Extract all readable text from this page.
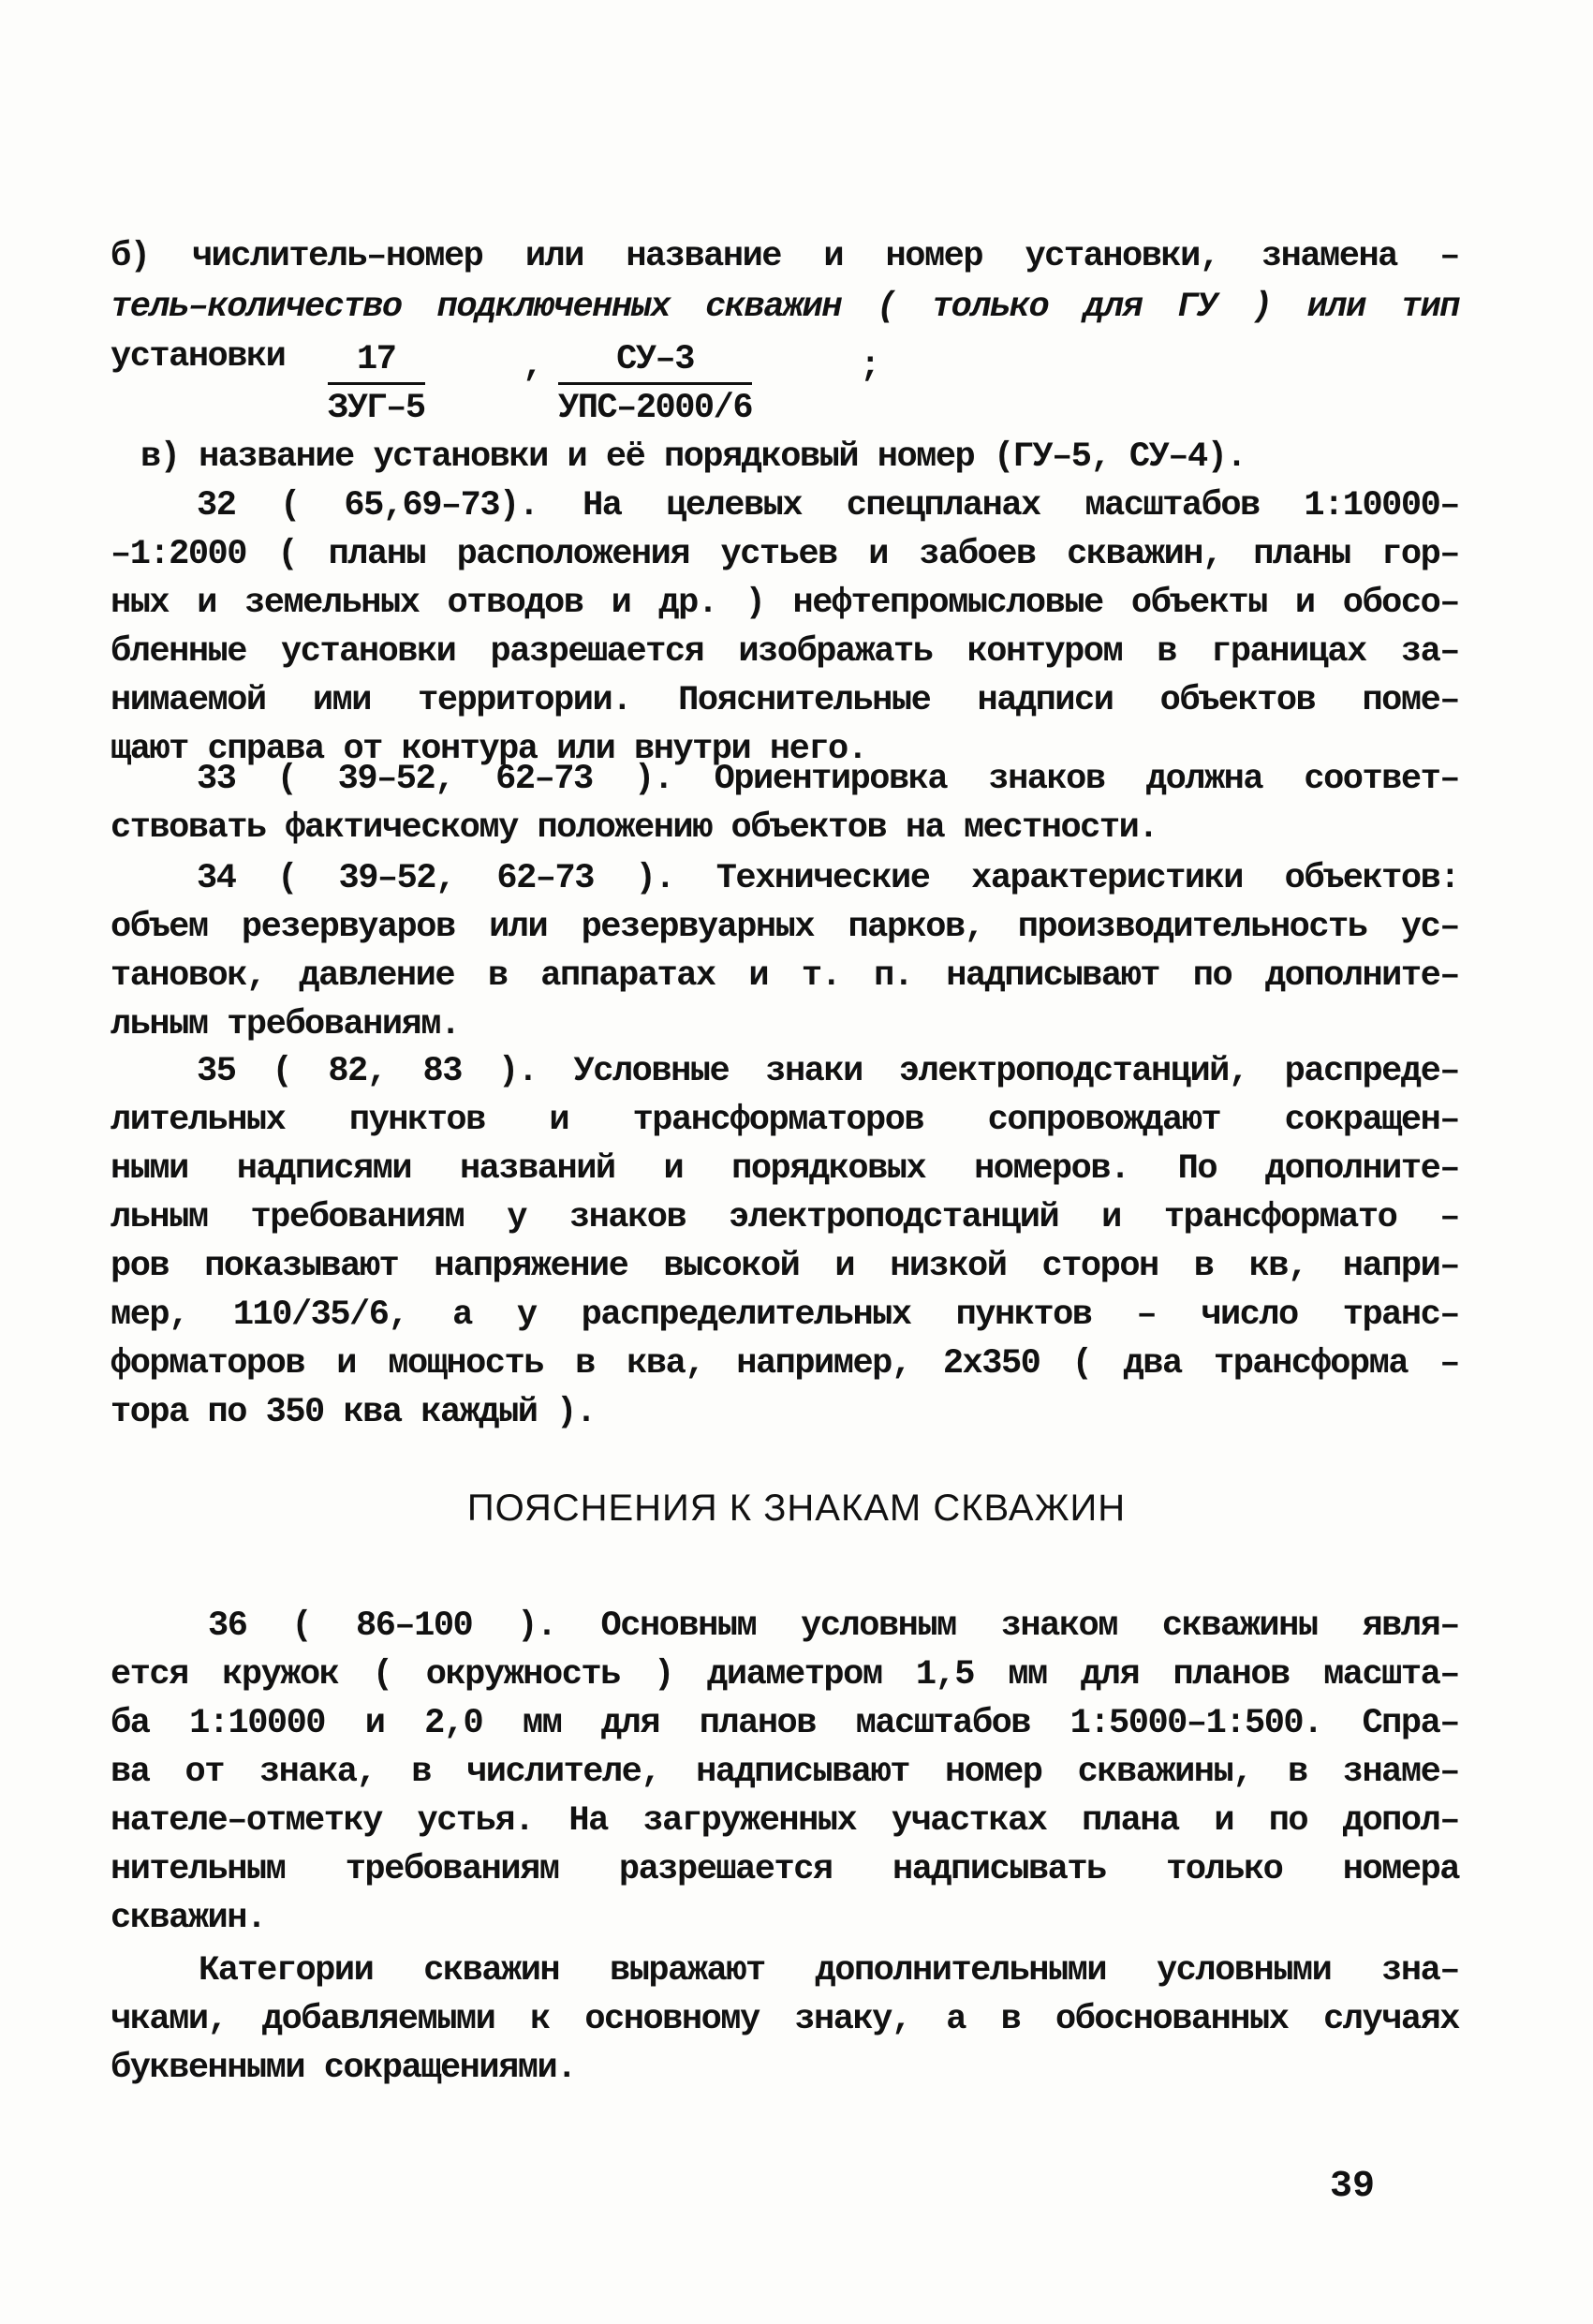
б) числитель–номер или название и номер установки, знамена –
тель–количество подключенных скважин ( только для ГУ ) или тип
установки	17
ЗУГ–5
,	СУ–3
УПС–2000/6
;
в) название установки и её порядковый номер (ГУ–5, СУ–4).
32 ( 65,69–73). На целевых спецпланах масштабов 1:10000–
–1:2000 ( планы расположения устьев и забоев скважин, планы гор–
ных и земельных отводов и др. ) нефтепромысловые объекты и обосо–
бленные установки разрешается изображать контуром в границах за–
нимаемой ими территории. Пояснительные надписи объектов поме–
щают справа от контура или внутри него.
33 ( 39–52, 62–73 ). Ориентировка знаков должна соответ–
ствовать фактическому положению объектов на местности.
34 ( 39–52, 62–73 ). Технические характеристики объектов:
объем резервуаров или резервуарных парков, производительность ус–
тановок, давление в аппаратах и т. п. надписывают по дополните–
льным требованиям.
35 ( 82, 83 ). Условные знаки электроподстанций, распреде–
лительных пунктов и трансформаторов сопровождают сокращен–
ными надписями названий и порядковых номеров. По дополните–
льным требованиям у знаков электроподстанций и трансформато –
ров показывают напряжение высокой и низкой сторон в кв, напри–
мер, 110/35/6, а у распределительных пунктов – число транс–
форматоров и мощность в ква, например, 2х350 ( два трансформа –
тора по 350 ква каждый ).
ПОЯСНЕНИЯ К ЗНАКАМ СКВАЖИН
36 ( 86–100 ). Основным условным знаком скважины явля–
ется кружок ( окружность ) диаметром 1,5 мм для планов масшта–
ба 1:10000 и 2,0 мм для планов масштабов 1:5000–1:500. Спра–
ва от знака, в числителе, надписывают номер скважины, в знаме–
нателе–отметку устья. На загруженных участках плана и по допол–
нительным требованиям разрешается надписывать только номера
скважин.
Категории скважин выражают дополнительными условными зна–
чками, добавляемыми к основному знаку, а в обоснованных случаях
буквенными сокращениями.
39
